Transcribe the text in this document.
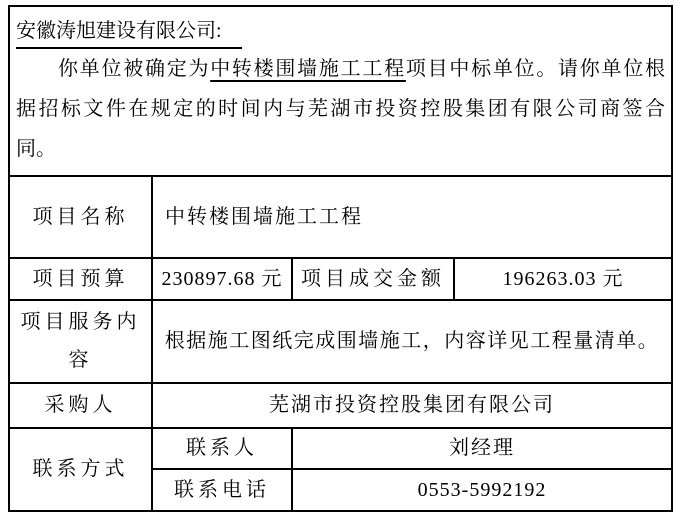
安徽涛旭建设有限公司:
你单位被确定为中转楼围墙施工工程项目中标单位。请你单位根
据招标文件在规定的时间内与芜湖市投资控股集团有限公司商签合
同。
项目名称	中转楼围墙施工工程		
项目预算	230897.68 元	项目成交金额	196263.03 元
项目服务内容	根据施工图纸完成围墙施工，内容详见工程量清单。		
采购人	芜湖市投资控股集团有限公司		
联系方式	联系人	刘经理	
	联系电话	0553-5992192	
